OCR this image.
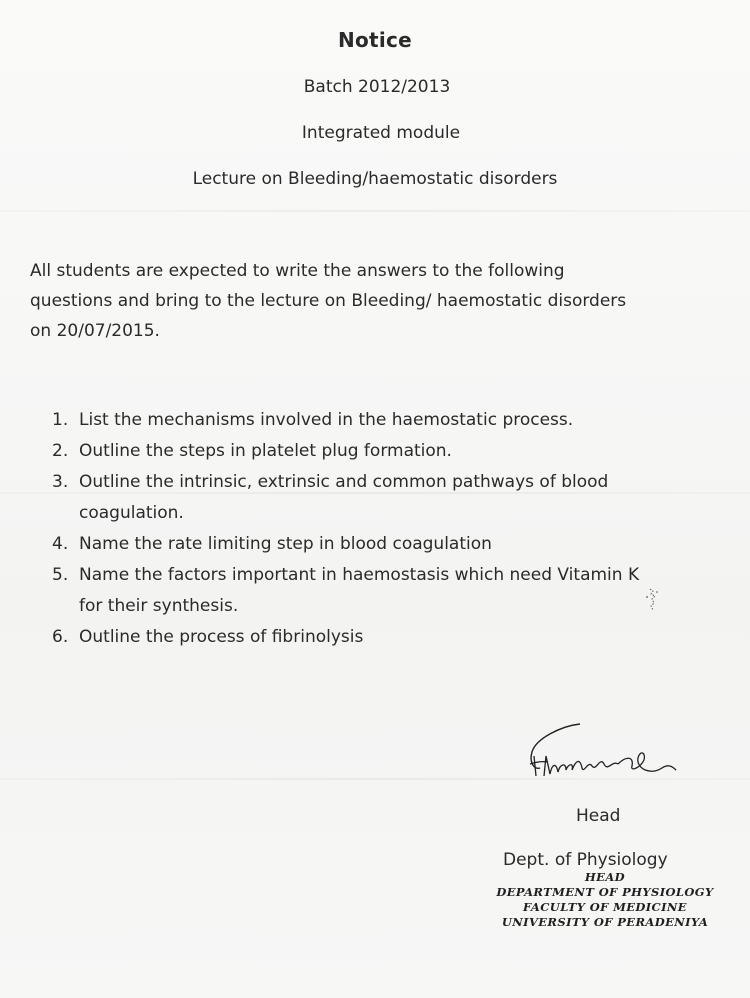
Notice
Batch 2012/2013
Integrated module
Lecture on Bleeding/haemostatic disorders
All students are expected to write the answers to the following
questions and bring to the lecture on Bleeding/ haemostatic disorders
on 20/07/2015.
1. List the mechanisms involved in the haemostatic process.
2. Outline the steps in platelet plug formation.
3. Outline the intrinsic, extrinsic and common pathways of blood
coagulation.
4. Name the rate limiting step in blood coagulation
5. Name the factors important in haemostasis which need Vitamin K
for their synthesis.
6. Outline the process of fibrinolysis
Head
Dept. of Physiology
HEAD
DEPARTMENT OF PHYSIOLOGY
FACULTY OF MEDICINE
UNIVERSITY OF PERADENIYA
